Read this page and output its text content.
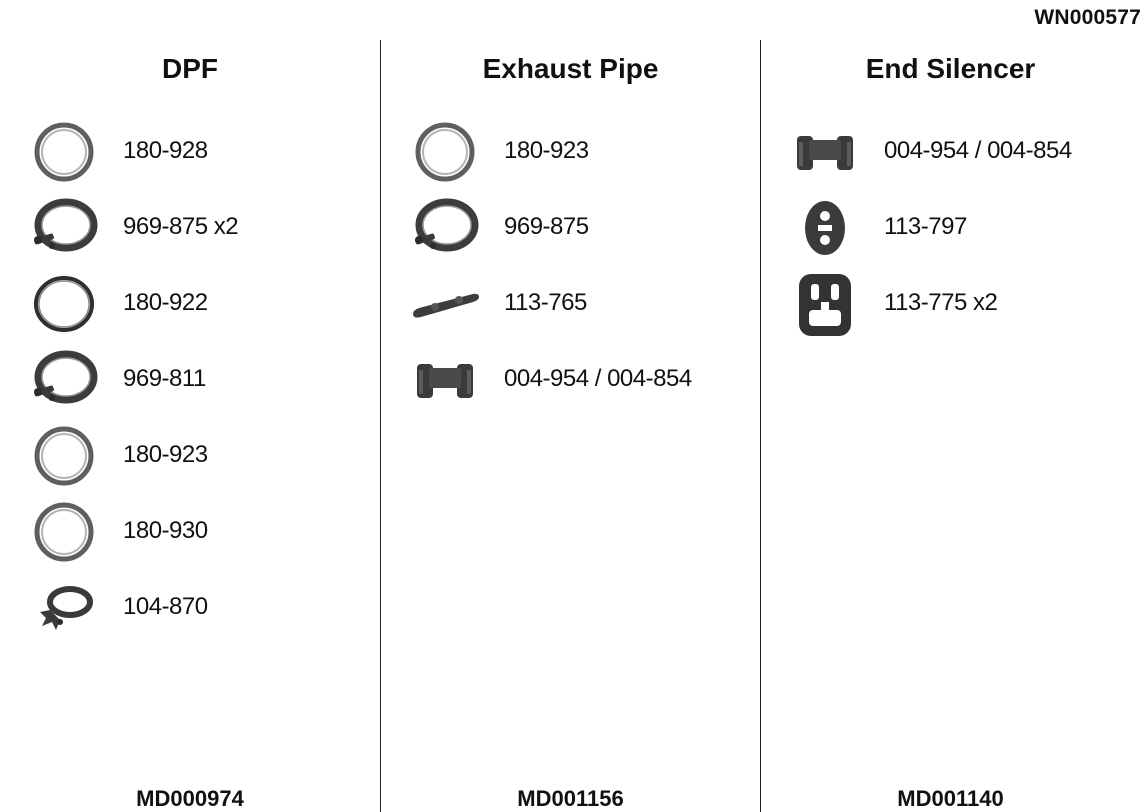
WN000577
DPF
180-928
969-875 x2
180-922
969-811
180-923
180-930
104-870
MD000974
Exhaust Pipe
180-923
969-875
113-765
004-954 / 004-854
MD001156
End Silencer
004-954 / 004-854
113-797
113-775 x2
MD001140
